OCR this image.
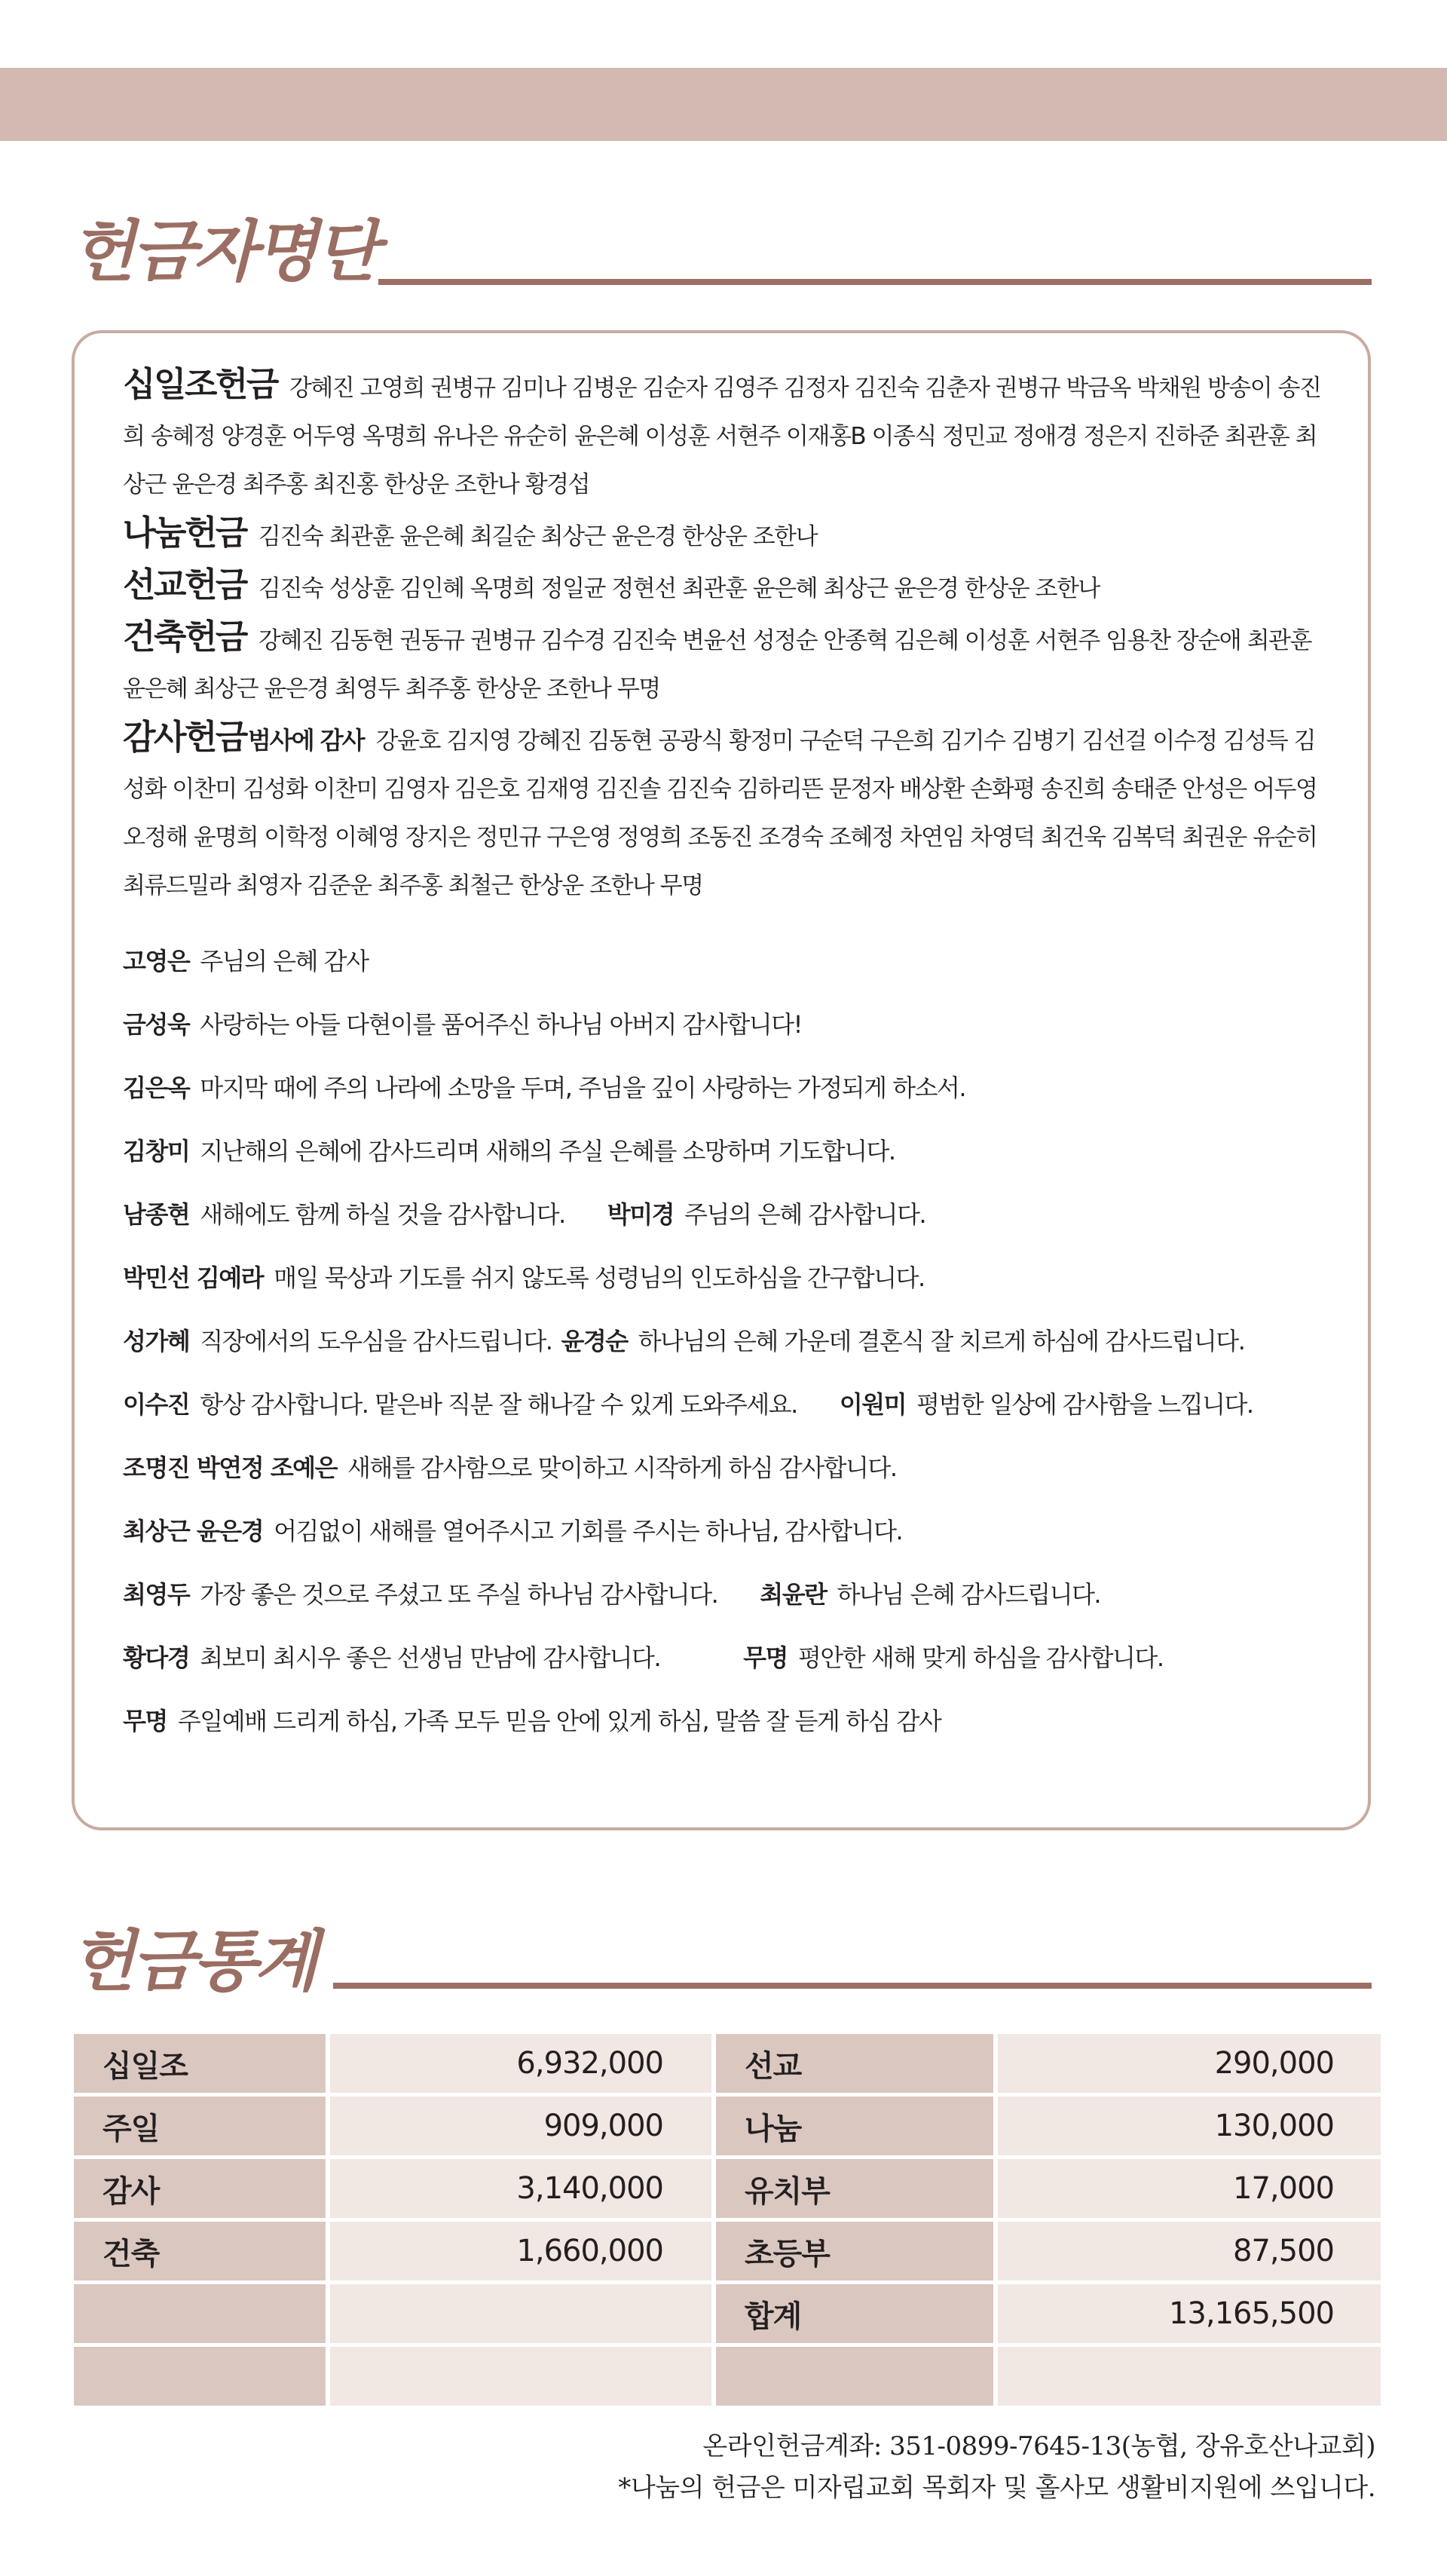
헌금자명단

십일조헌금 강혜진 고영희 권병규 김미나 김병운 김순자 김영주 김정자 김진숙 김춘자 권병규 박금옥 박채원 방송이 송진희 송혜정 양경훈 어두영 옥명희 유나은 유순히 윤은혜 이성훈 서현주 이재홍B 이종식 정민교 정애경 정은지 진하준 최관훈 최상근 윤은경 최주홍 최진홍 한상운 조한나 황경섭

나눔헌금 김진숙 최관훈 윤은혜 최길순 최상근 윤은경 한상운 조한나

선교헌금 김진숙 성상훈 김인혜 옥명희 정일균 정현선 최관훈 윤은혜 최상근 윤은경 한상운 조한나

건축헌금 강혜진 김동현 권동규 권병규 김수경 김진숙 변윤선 성정순 안종혁 김은혜 이성훈 서현주 임용찬 장순애 최관훈 윤은혜 최상근 윤은경 최영두 최주홍 한상운 조한나 무명

감사헌금범사에 감사 강윤호 김지영 강혜진 김동현 공광식 황정미 구순덕 구은희 김기수 김병기 김선걸 이수정 김성득 김성화 이찬미 김성화 이찬미 김영자 김은호 김재영 김진솔 김진숙 김하리뜬 문정자 배상환 손화평 송진희 송태준 안성은 어두영 오정해 윤명희 이학정 이혜영 장지은 정민규 구은영 정영희 조동진 조경숙 조혜정 차연임 차영덕 최건욱 김복덕 최권운 유순히 최류드밀라 최영자 김준운 최주홍 최철근 한상운 조한나 무명

고영은 주님의 은혜 감사
금성욱 사랑하는 아들 다현이를 품어주신 하나님 아버지 감사합니다!
김은옥 마지막 때에 주의 나라에 소망을 두며, 주님을 깊이 사랑하는 가정되게 하소서.
김창미 지난해의 은혜에 감사드리며 새해의 주실 은혜를 소망하며 기도합니다.
남종현 새해에도 함께 하실 것을 감사합니다. 박미경 주님의 은혜 감사합니다.
박민선 김예라 매일 묵상과 기도를 쉬지 않도록 성령님의 인도하심을 간구합니다.
성가혜 직장에서의 도우심을 감사드립니다. 윤경순 하나님의 은혜 가운데 결혼식 잘 치르게 하심에 감사드립니다.
이수진 항상 감사합니다. 맡은바 직분 잘 해나갈 수 있게 도와주세요. 이원미 평범한 일상에 감사함을 느낍니다.
조명진 박연정 조예은 새해를 감사함으로 맞이하고 시작하게 하심 감사합니다.
최상근 윤은경 어김없이 새해를 열어주시고 기회를 주시는 하나님, 감사합니다.
최영두 가장 좋은 것으로 주셨고 또 주실 하나님 감사합니다. 최윤란 하나님 은혜 감사드립니다.
황다경 최보미 최시우 좋은 선생님 만남에 감사합니다.	무명 평안한 새해 맞게 하심을 감사합니다.
무명 주일예배 드리게 하심, 가족 모두 믿음 안에 있게 하심, 말씀 잘 듣게 하심 감사
헌금통계
십일조	6,932,000	선교	290,000
주일	909,000	나눔	130,000
감사	3,140,000	유치부	17,000
건축	1,660,000	초등부	87,500
		합계	13,165,500

온라인헌금계좌: 351-0899-7645-13(농협, 장유호산나교회)
*나눔의 헌금은 미자립교회 목회자 및 홀사모 생활비지원에 쓰입니다.
